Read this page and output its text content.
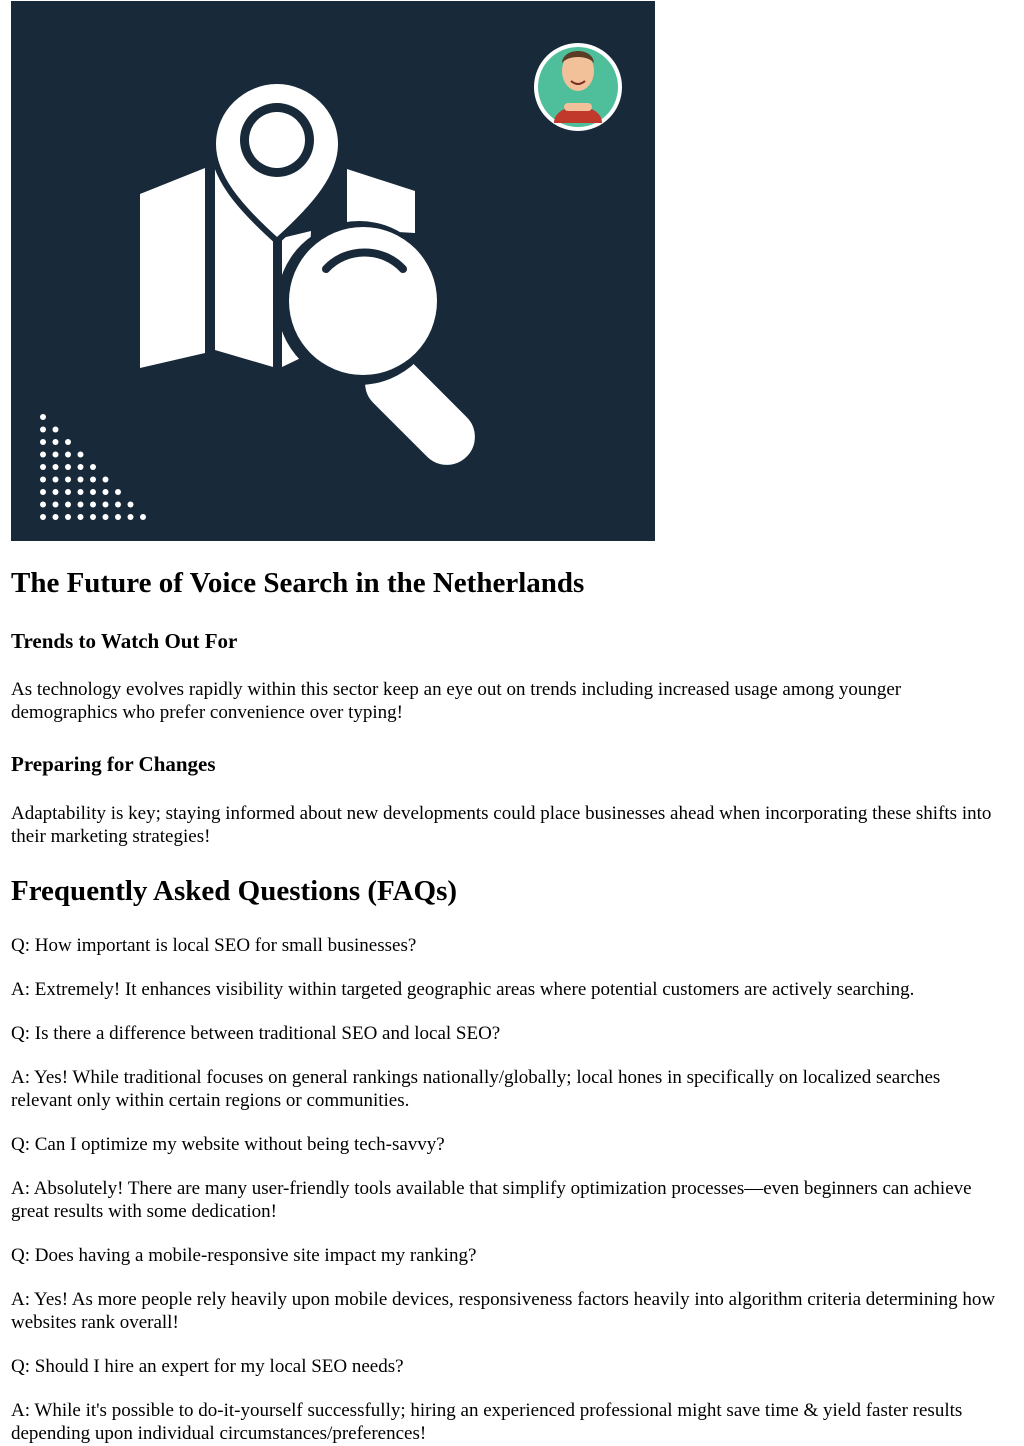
The Future of Voice Search in the Netherlands
Trends to Watch Out For

As technology evolves rapidly within this sector keep an eye out on trends including increased usage among younger demographics who prefer convenience over typing!

Preparing for Changes

Adaptability is key; staying informed about new developments could place businesses ahead when incorporating these shifts into their marketing strategies!

Frequently Asked Questions (FAQs)

Q: How important is local SEO for small businesses?

A: Extremely! It enhances visibility within targeted geographic areas where potential customers are actively searching.

Q: Is there a difference between traditional SEO and local SEO?

A: Yes! While traditional focuses on general rankings nationally/globally; local hones in specifically on localized searches relevant only within certain regions or communities.

Q: Can I optimize my website without being tech-savvy?

A: Absolutely! There are many user-friendly tools available that simplify optimization processes—even beginners can achieve great results with some dedication!

Q: Does having a mobile-responsive site impact my ranking?

A: Yes! As more people rely heavily upon mobile devices, responsiveness factors heavily into algorithm criteria determining how websites rank overall!

Q: Should I hire an expert for my local SEO needs?

A: While it's possible to do-it-yourself successfully; hiring an experienced professional might save time & yield faster results depending upon individual circumstances/preferences!
